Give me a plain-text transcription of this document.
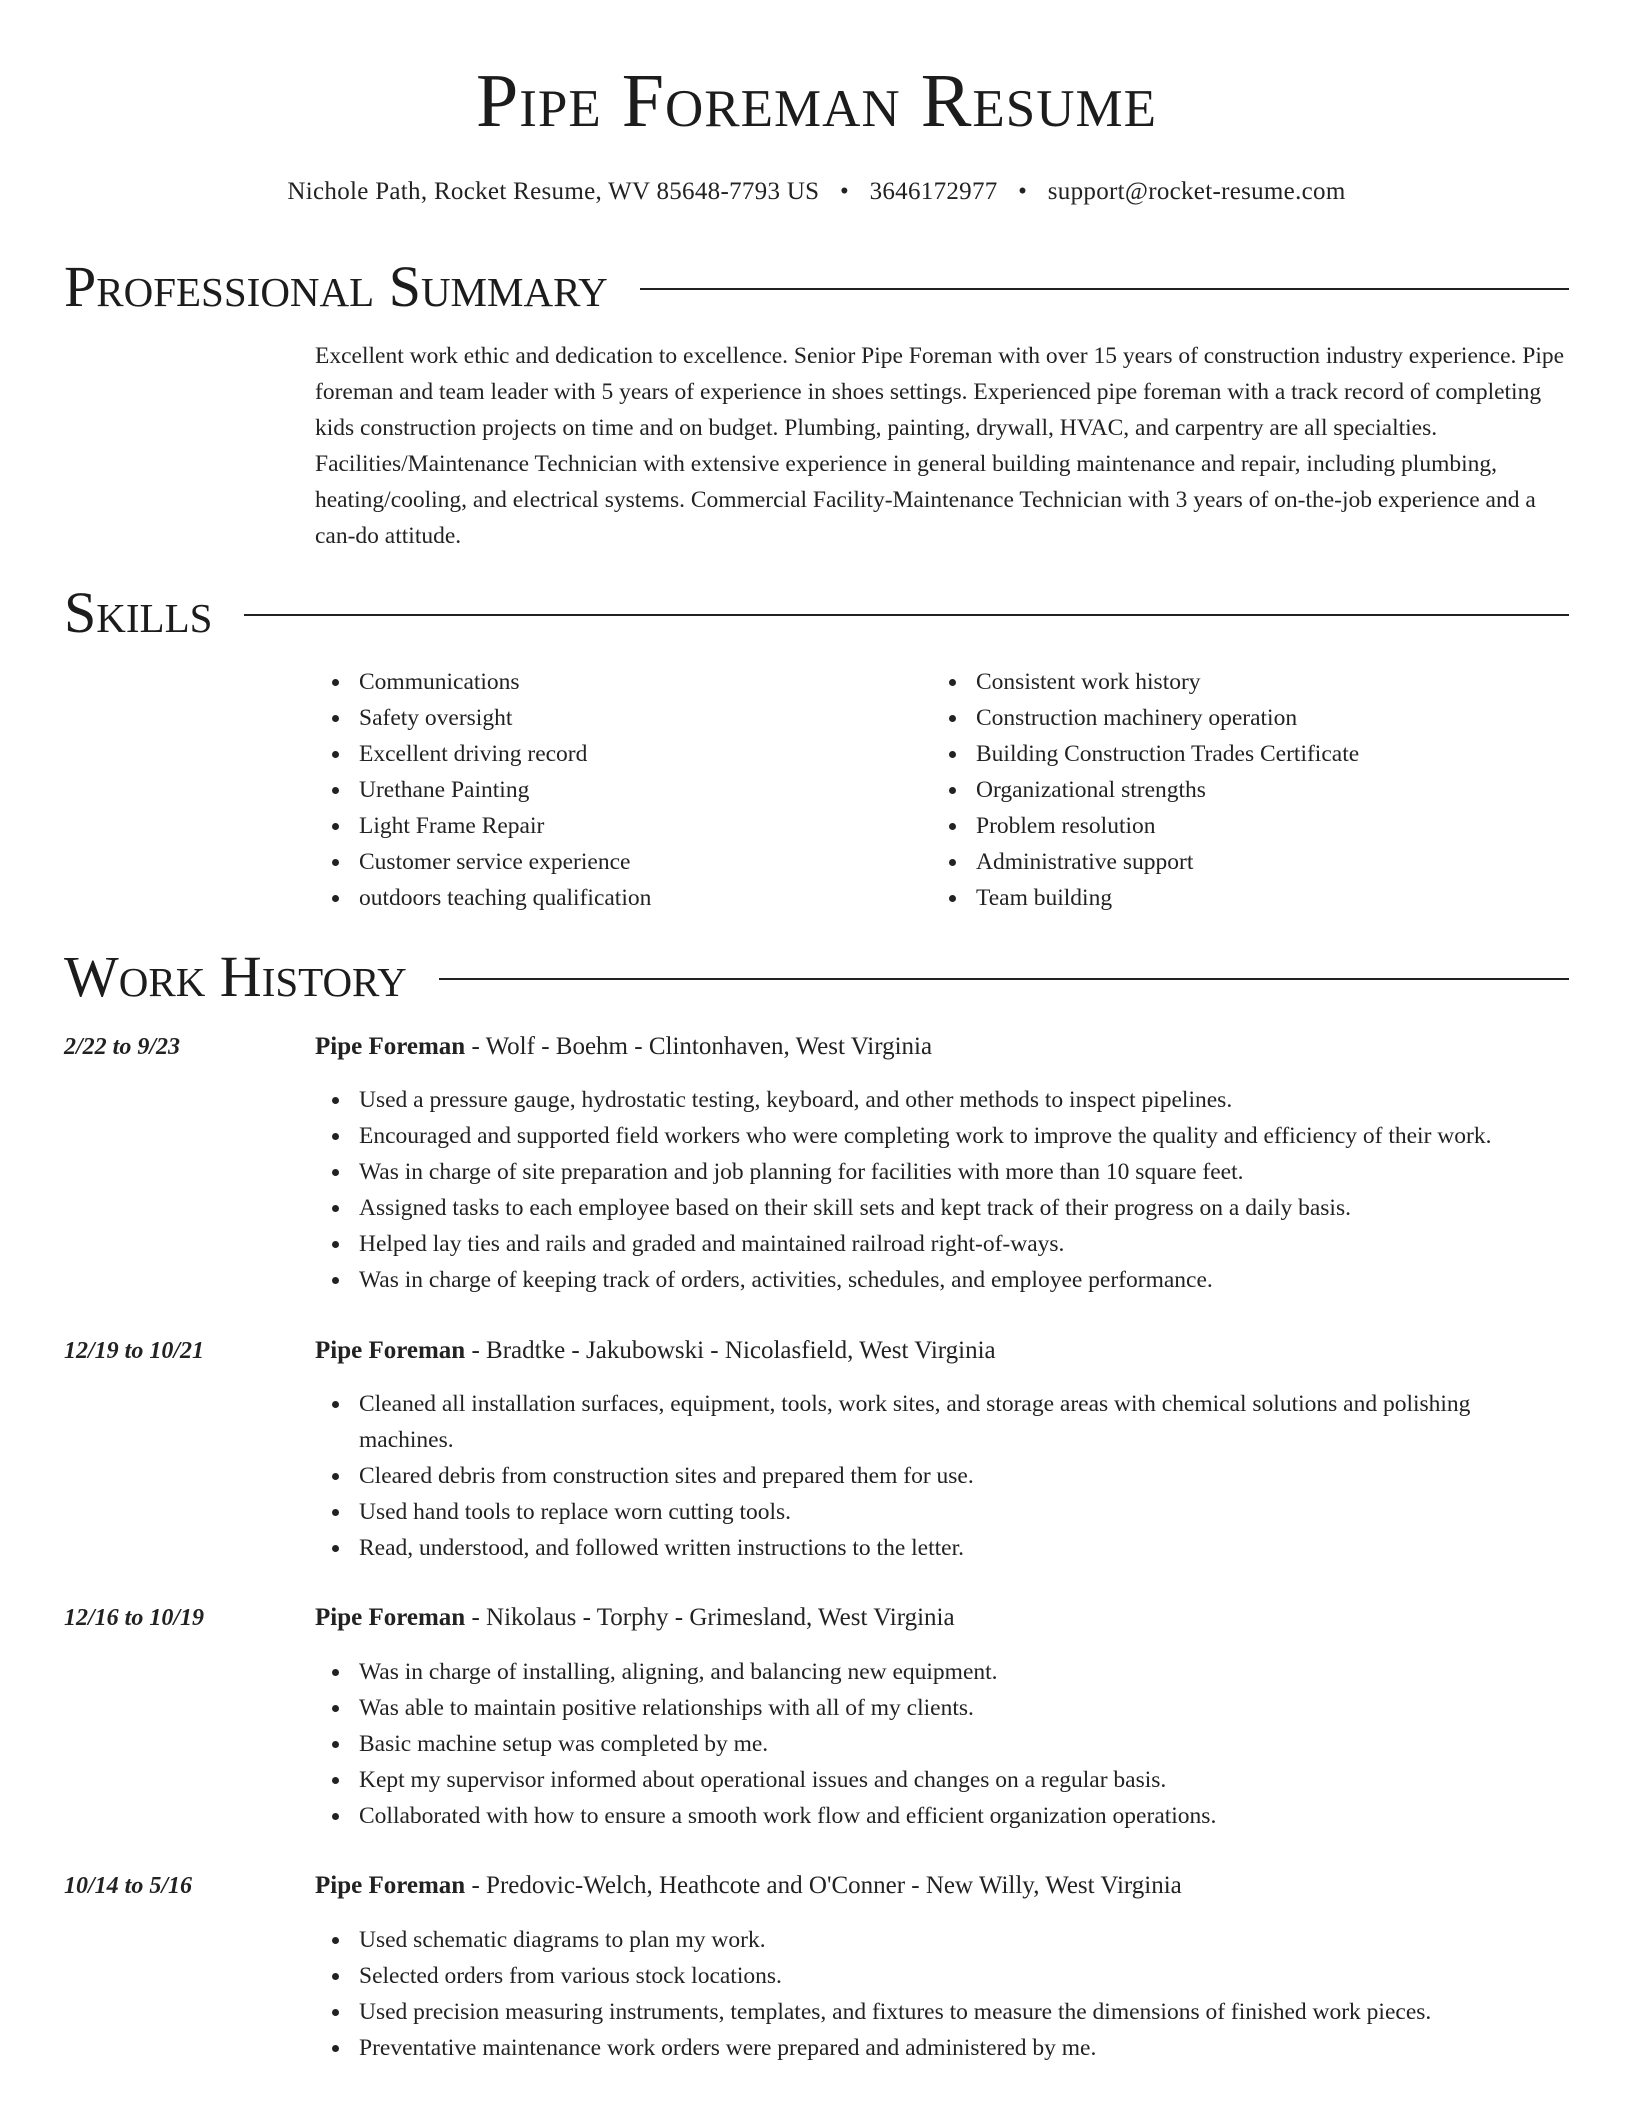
Pipe Foreman Resume
Nichole Path, Rocket Resume, WV 85648-7793 US • 3646172977 • support@rocket-resume.com
Professional Summary
Excellent work ethic and dedication to excellence. Senior Pipe Foreman with over 15 years of construction industry experience. Pipe foreman and team leader with 5 years of experience in shoes settings. Experienced pipe foreman with a track record of completing kids construction projects on time and on budget. Plumbing, painting, drywall, HVAC, and carpentry are all specialties. Facilities/Maintenance Technician with extensive experience in general building maintenance and repair, including plumbing, heating/cooling, and electrical systems. Commercial Facility-Maintenance Technician with 3 years of on-the-job experience and a can-do attitude.
Skills
Communications
Safety oversight
Excellent driving record
Urethane Painting
Light Frame Repair
Customer service experience
outdoors teaching qualification
Consistent work history
Construction machinery operation
Building Construction Trades Certificate
Organizational strengths
Problem resolution
Administrative support
Team building
Work History
2/22 to 9/23	Pipe Foreman - Wolf - Boehm - Clintonhaven, West Virginia
Used a pressure gauge, hydrostatic testing, keyboard, and other methods to inspect pipelines.
Encouraged and supported field workers who were completing work to improve the quality and efficiency of their work.
Was in charge of site preparation and job planning for facilities with more than 10 square feet.
Assigned tasks to each employee based on their skill sets and kept track of their progress on a daily basis.
Helped lay ties and rails and graded and maintained railroad right-of-ways.
Was in charge of keeping track of orders, activities, schedules, and employee performance.
12/19 to 10/21	Pipe Foreman - Bradtke - Jakubowski - Nicolasfield, West Virginia
Cleaned all installation surfaces, equipment, tools, work sites, and storage areas with chemical solutions and polishing machines.
Cleared debris from construction sites and prepared them for use.
Used hand tools to replace worn cutting tools.
Read, understood, and followed written instructions to the letter.
12/16 to 10/19	Pipe Foreman - Nikolaus - Torphy - Grimesland, West Virginia
Was in charge of installing, aligning, and balancing new equipment.
Was able to maintain positive relationships with all of my clients.
Basic machine setup was completed by me.
Kept my supervisor informed about operational issues and changes on a regular basis.
Collaborated with how to ensure a smooth work flow and efficient organization operations.
10/14 to 5/16	Pipe Foreman - Predovic-Welch, Heathcote and O'Conner - New Willy, West Virginia
Used schematic diagrams to plan my work.
Selected orders from various stock locations.
Used precision measuring instruments, templates, and fixtures to measure the dimensions of finished work pieces.
Preventative maintenance work orders were prepared and administered by me.
